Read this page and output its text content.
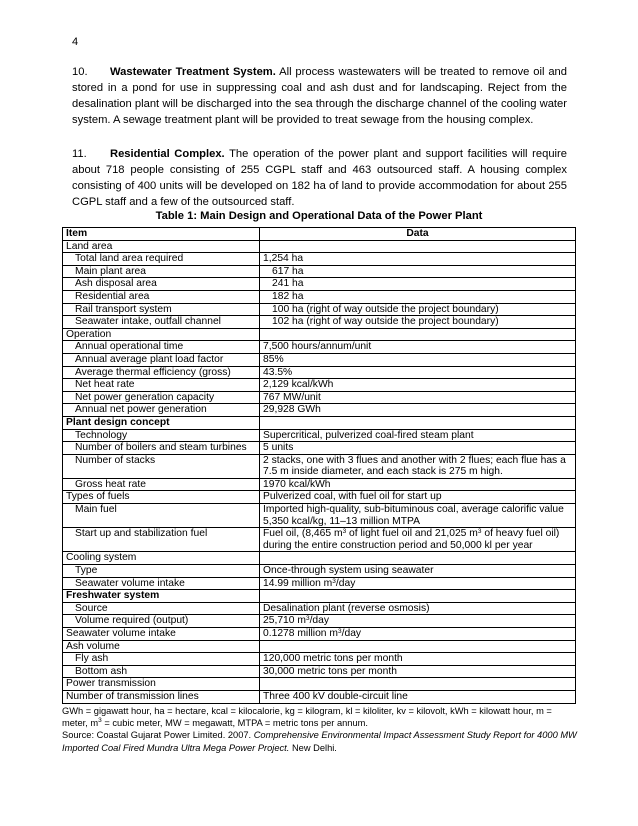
4
10. Wastewater Treatment System. All process wastewaters will be treated to remove oil and stored in a pond for use in suppressing coal and ash dust and for landscaping. Reject from the desalination plant will be discharged into the sea through the discharge channel of the cooling water system. A sewage treatment plant will be provided to treat sewage from the housing complex.
11. Residential Complex. The operation of the power plant and support facilities will require about 718 people consisting of 255 CGPL staff and 463 outsourced staff. A housing complex consisting of 400 units will be developed on 182 ha of land to provide accommodation for about 255 CGPL staff and a few of the outsourced staff.
Table 1: Main Design and Operational Data of the Power Plant
Item	Data
Land area	
Total land area required	1,254 ha
Main plant area	617 ha
Ash disposal area	241 ha
Residential area	182 ha
Rail transport system	100 ha (right of way outside the project boundary)
Seawater intake, outfall channel	102 ha (right of way outside the project boundary)
Operation	
Annual operational time	7,500 hours/annum/unit
Annual average plant load factor	85%
Average thermal efficiency (gross)	43.5%
Net heat rate	2,129 kcal/kWh
Net power generation capacity	767 MW/unit
Annual net power generation	29,928 GWh
Plant design concept	
Technology	Supercritical, pulverized coal-fired steam plant
Number of boilers and steam turbines	5 units
Number of stacks	2 stacks, one with 3 flues and another with 2 flues; each flue has a 7.5 m inside diameter, and each stack is 275 m high.
Gross heat rate	1970 kcal/kWh
Types of fuels	Pulverized coal, with fuel oil for start up
Main fuel	Imported high-quality, sub-bituminous coal, average calorific value 5,350 kcal/kg, 11–13 million MTPA
Start up and stabilization fuel	Fuel oil, (8,465 $m^3$ of light fuel oil and 21,025 $m^3$ of heavy fuel oil) during the entire construction period and 50,000 kl per year
Cooling system	
Type	Once-through system using seawater
Seawater volume intake	14.99 million $m^3$/day
Freshwater system	
Source	Desalination plant (reverse osmosis)
Volume required (output)	25,710 $m^3$/day
Seawater volume intake	0.1278 million $m^3$/day
Ash volume	
Fly ash	120,000 metric tons per month
Bottom ash	30,000 metric tons per month
Power transmission	
Number of transmission lines	Three 400 kV double-circuit line
GWh = gigawatt hour, ha = hectare, kcal = kilocalorie, kg = kilogram, kl = kiloliter, kv = kilovolt, kWh = kilowatt hour, m = meter, $m^3$ = cubic meter, MW = megawatt, MTPA = metric tons per annum.
Source: Coastal Gujarat Power Limited. 2007. Comprehensive Environmental Impact Assessment Study Report for 4000 MW Imported Coal Fired Mundra Ultra Mega Power Project. New Delhi.
